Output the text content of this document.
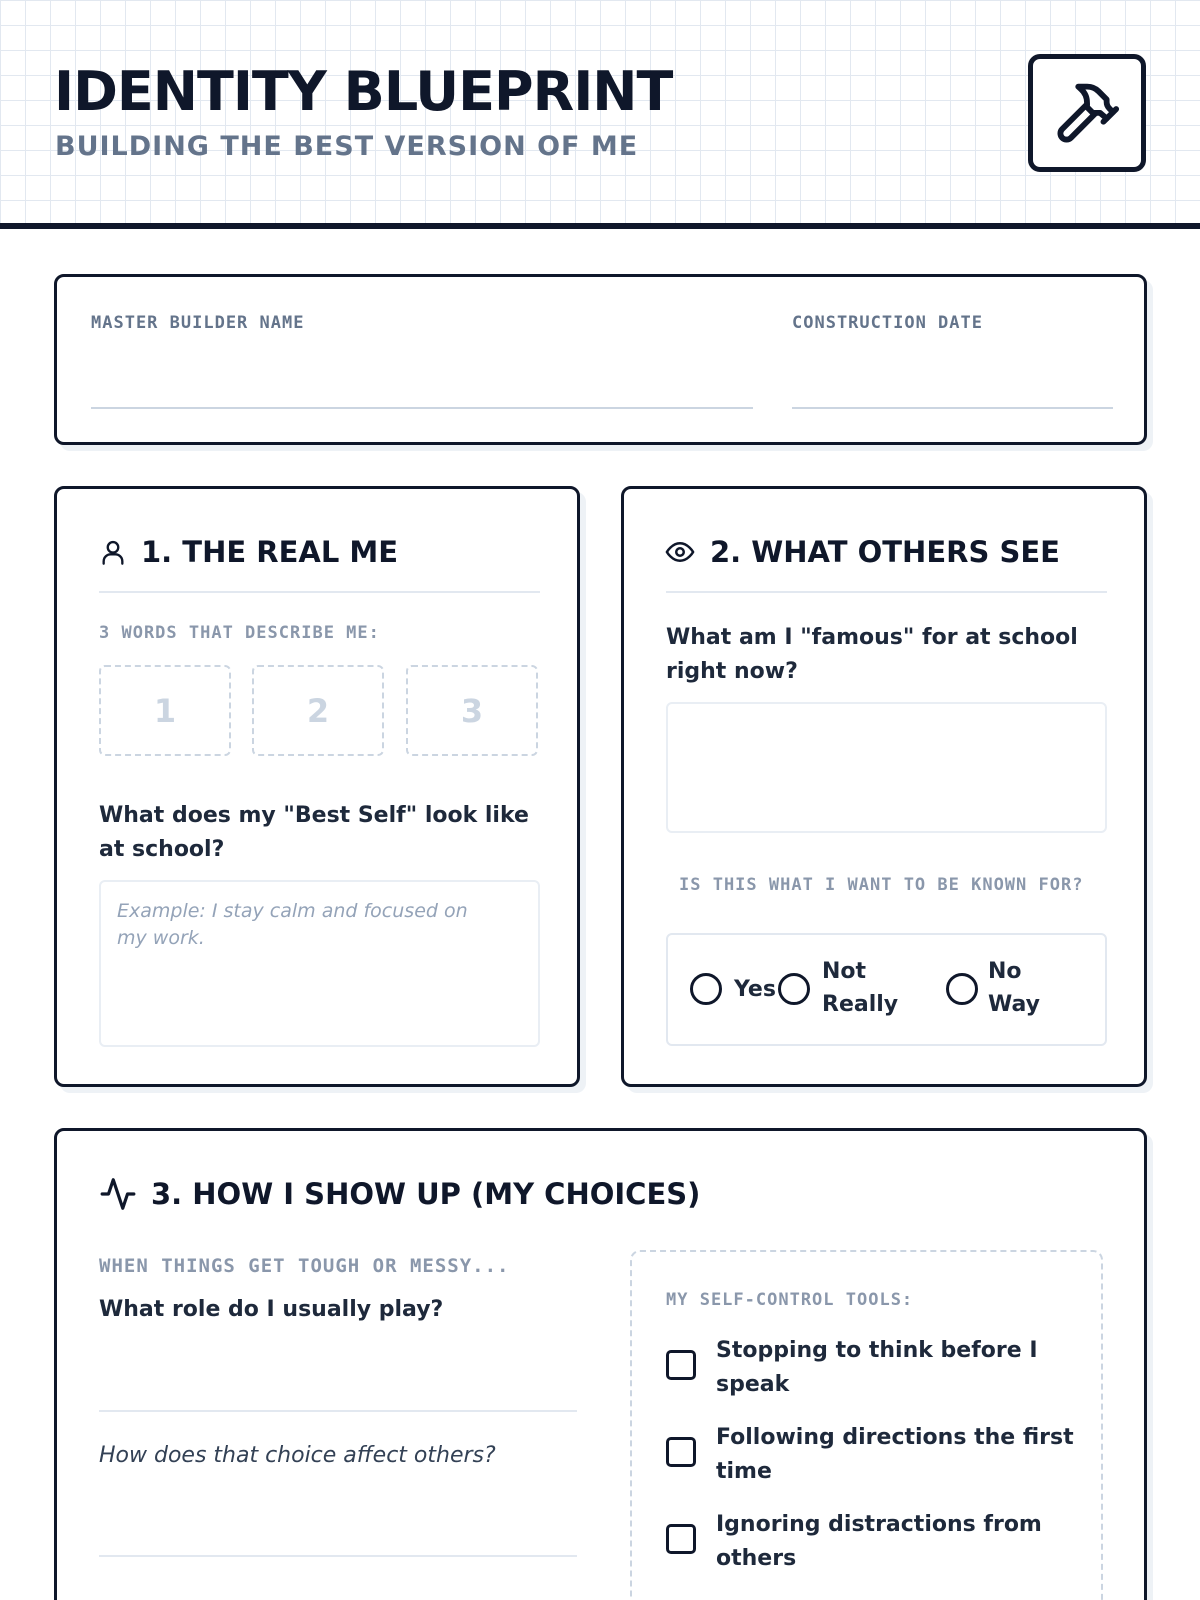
IDENTITY BLUEPRINT
BUILDING THE BEST VERSION OF ME
MASTER BUILDER NAME	CONSTRUCTION DATE
1. THE REAL ME
3 WORDS THAT DESCRIBE ME:
1	2	3
What does my "Best Self" look like at school?
Example: I stay calm and focused on my work.
2. WHAT OTHERS SEE
What am I "famous" for at school right now?
IS THIS WHAT I WANT TO BE KNOWN FOR?
Yes
Not Really
No Way
3. HOW I SHOW UP (MY CHOICES)
WHEN THINGS GET TOUGH OR MESSY...
What role do I usually play?
How does that choice affect others?
MY SELF-CONTROL TOOLS:
Stopping to think before I speak
Following directions the first time
Ignoring distractions from others
